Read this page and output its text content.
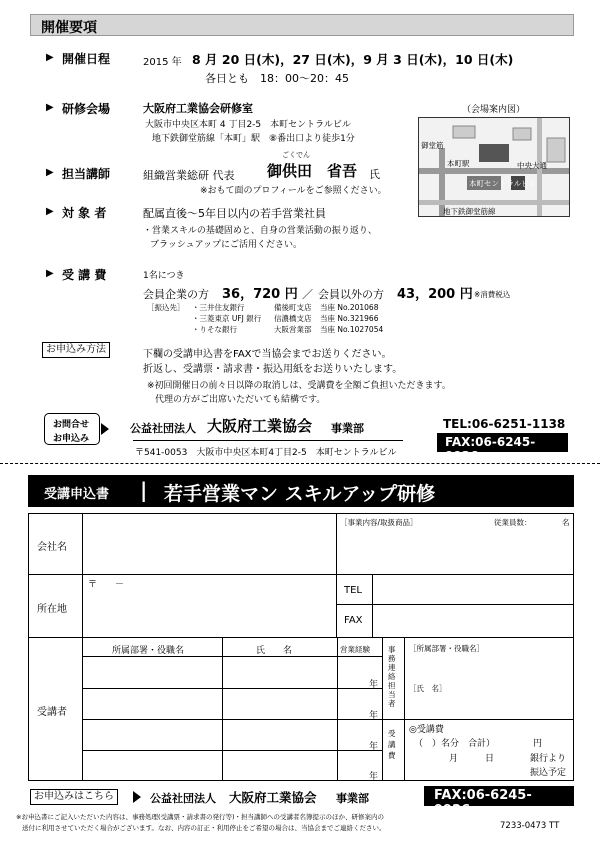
開催要項
▶ 開催日程	2015 年 8 月 20 日(木)，27 日(木)，9 月 3 日(木)，10 日(木)
各日とも　18：00～20：45
▶ 研修会場	大阪府工業協会研修室
大阪市中央区本町 4 丁目2-5　本町セントラルビル
地下鉄御堂筋線「本町」駅　⑧番出口より徒歩1分
（会場案内図）
本町セントラルビル
地下鉄御堂筋線
本町駅	中央大通
御堂筋
▶ 担当講師	組織営業総研 代表
ごくでん
御供田　省吾 氏
※おもて面のプロフィールをご参照ください。
▶ 対 象 者	配属直後～5年目以内の若手営業社員
・営業スキルの基礎固めと、自身の営業活動の振り返り、
ブラッシュアップにご活用ください。
▶ 受 講 費	1名につき
会員企業の方 36，720 円 ／ 会員以外の方 43，200 円 ※消費税込
［振込先］ ・三井住友銀行	備後町支店 当座 No.201068
・三菱東京 UFJ 銀行 信濃橋支店 当座 No.321966
・りそな銀行	大阪営業部 当座 No.1027054
お申込み方法	下欄の受講申込書をFAXで当協会までお送りください。
折返し、受講票・請求書・振込用紙をお送りいたします。
※初回開催日の前々日以降の取消しは、受講費を全額ご負担いただきます。
代理の方がご出席いただいても結構です。
お問合せ
お申込み
公益社団法人 大阪府工業協会 事業部	TEL:06-6251-1138
〒541-0053　大阪市中央区本町4丁目2-5　本町セントラルビル
FAX:06-6245-9926
受講申込書 | 若手営業マン スキルアップ研修
会社名
［事業内容/取扱商品］	従業員数：	名
所在地
〒　　－	TEL
FAX
受講者
所属部署・役職名	氏　　名	営業経験
年
年
年
年
事務連絡担当者
［所属部署・役職名］
［氏　名］
受講費
◎受講費
（　）名分　合計）	円
月　　　日	銀行より
振込予定
お申込みはこちら	公益社団法人 大阪府工業協会 事業部	FAX:06-6245-9926
※お申込書にご記入いただいた内容は、事務処理(受講票・請求書の発行等)・担当講師への受講者名簿提示のほか、研修案内の
送付に利用させていただく場合がございます。なお、内容の訂正・利用停止をご希望の場合は、当協会までご連絡ください。	7233-0473 TT
